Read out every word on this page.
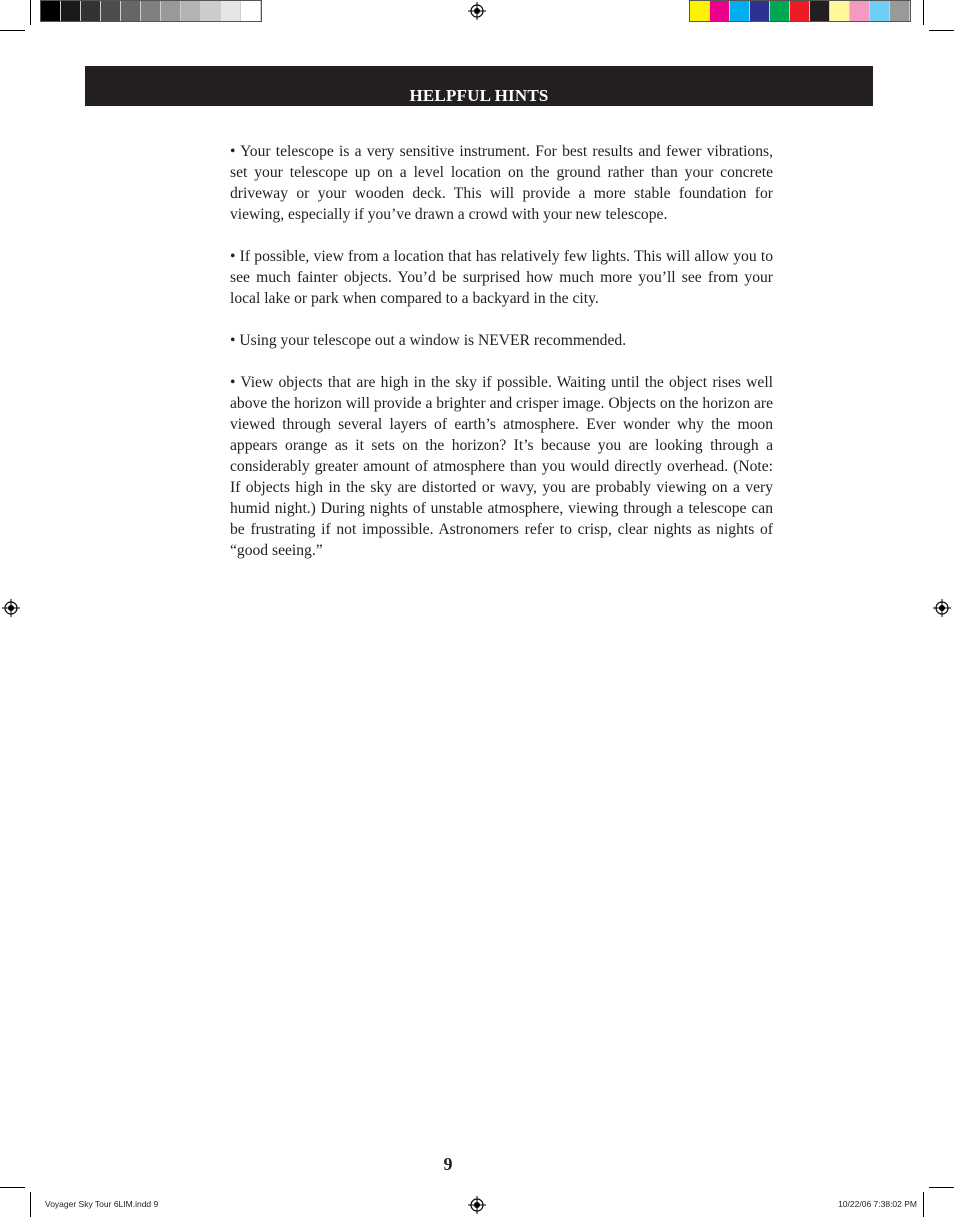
HELPFUL HINTS

• Your telescope is a very sensitive instrument. For best results and fewer vibrations, set your telescope up on a level location on the ground rather than your concrete driveway or your wooden deck. This will provide a more stable foundation for viewing, especially if you’ve drawn a crowd with your new telescope.

• If possible, view from a location that has relatively few lights. This will allow you to see much fainter objects. You’d be surprised how much more you’ll see from your local lake or park when compared to a backyard in the city.

• Using your telescope out a window is NEVER recommended.

• View objects that are high in the sky if possible. Waiting until the object rises well above the horizon will provide a brighter and crisper image. Objects on the horizon are viewed through several layers of earth’s atmosphere. Ever wonder why the moon appears orange as it sets on the horizon? It’s because you are looking through a considerably greater amount of atmosphere than you would directly overhead. (Note: If objects high in the sky are distorted or wavy, you are probably viewing on a very humid night.) During nights of unstable atmosphere, viewing through a telescope can be frustrating if not impossible. Astronomers refer to crisp, clear nights as nights of “good seeing.”

9
Voyager Sky Tour 6LIM.indd 9	10/22/06 7:38:02 PM
